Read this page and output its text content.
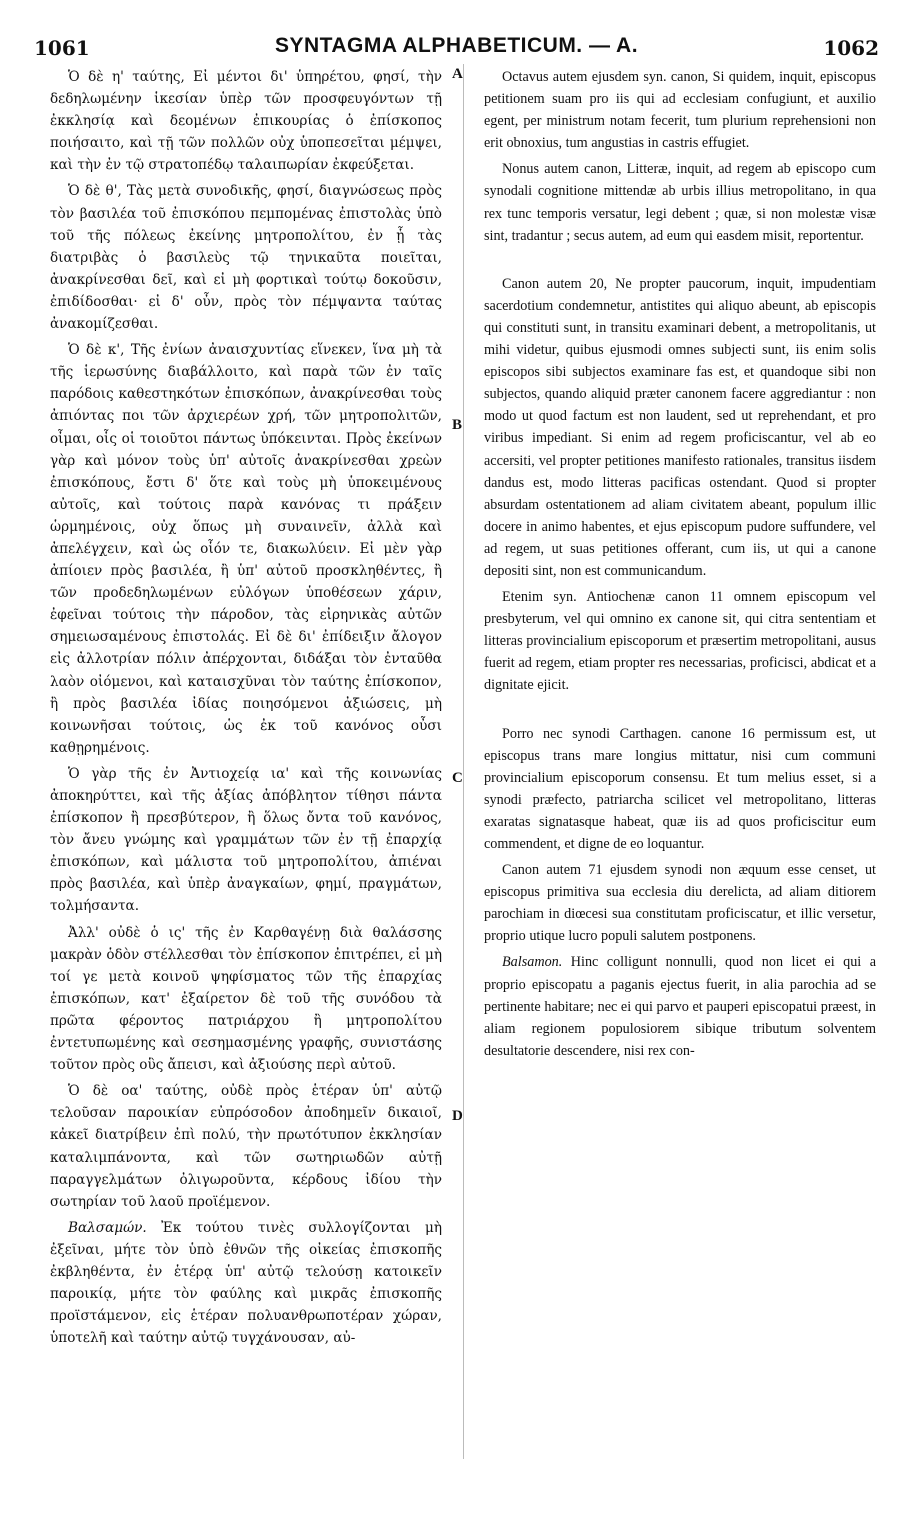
1061	SYNTAGMA ALPHABETICUM. — A.	1062
A
B
C
D

Ὁ δὲ η' ταύτης, Εἰ μέντοι δι' ὑπηρέτου, φησί, τὴν δεδηλωμένην ἱκεσίαν ὑπὲρ τῶν προσφευγόντων τῇ ἐκκλησίᾳ καὶ δεομένων ἐπικουρίας ὁ ἐπίσκοπος ποιήσαιτο, καὶ τῇ τῶν πολλῶν οὐχ ὑποπεσεῖται μέμψει, καὶ τὴν ἐν τῷ στρατοπέδῳ ταλαιπωρίαν ἐκφεύξεται.

Ὁ δὲ θ', Τὰς μετὰ συνοδικῆς, φησί, διαγνώσεως πρὸς τὸν βασιλέα τοῦ ἐπισκόπου πεμπομένας ἐπιστολὰς ὑπὸ τοῦ τῆς πόλεως ἐκείνης μητροπολίτου, ἐν ᾗ τὰς διατριβὰς ὁ βασιλεὺς τῷ τηνικαῦτα ποιεῖται, ἀνακρίνεσθαι δεῖ, καὶ εἰ μὴ φορτικαὶ τούτῳ δοκοῦσιν, ἐπιδίδοσθαι· εἰ δ' οὖν, πρὸς τὸν πέμψαντα ταύτας ἀνακομίζεσθαι.

Ὁ δὲ κ', Τῆς ἐνίων ἀναισχυντίας εἵνεκεν, ἵνα μὴ τὰ τῆς ἱερωσύνης διαβάλλοιτο, καὶ παρὰ τῶν ἐν ταῖς παρόδοις καθεστηκότων ἐπισκόπων, ἀνακρίνεσθαι τοὺς ἀπιόντας ποι τῶν ἀρχιερέων χρή, τῶν μητροπολιτῶν, οἶμαι, οἷς οἱ τοιοῦτοι πάντως ὑπόκεινται. Πρὸς ἐκείνων γὰρ καὶ μόνον τοὺς ὑπ' αὐτοῖς ἀνακρίνεσθαι χρεὼν ἐπισκόπους, ἔστι δ' ὅτε καὶ τοὺς μὴ ὑποκειμένους αὐτοῖς, καὶ τούτοις παρὰ κανόνας τι πράξειν ὡρμημένοις, οὐχ ὅπως μὴ συναινεῖν, ἀλλὰ καὶ ἀπελέγχειν, καὶ ὡς οἷόν τε, διακωλύειν. Εἰ μὲν γὰρ ἀπίοιεν πρὸς βασιλέα, ἢ ὑπ' αὐτοῦ προσκληθέντες, ἢ τῶν προδεδηλωμένων εὐλόγων ὑποθέσεων χάριν, ἐφεῖναι τούτοις τὴν πάροδον, τὰς εἰρηνικὰς αὐτῶν σημειωσαμένους ἐπιστολάς. Εἰ δὲ δι' ἐπίδειξιν ἄλογον εἰς ἀλλοτρίαν πόλιν ἀπέρχονται, διδάξαι τὸν ἐνταῦθα λαὸν οἰόμενοι, καὶ καταισχῦναι τὸν ταύτης ἐπίσκοπον, ἢ πρὸς βασιλέα ἰδίας ποιησόμενοι ἀξιώσεις, μὴ κοινωνῆσαι τούτοις, ὡς ἐκ τοῦ κανόνος οὖσι καθῃρημένοις.

Ὁ γὰρ τῆς ἐν Ἀντιοχείᾳ ια' καὶ τῆς κοινωνίας ἀποκηρύττει, καὶ τῆς ἀξίας ἀπόβλητον τίθησι πάντα ἐπίσκοπον ἢ πρεσβύτερον, ἢ ὅλως ὄντα τοῦ κανόνος, τὸν ἄνευ γνώμης καὶ γραμμάτων τῶν ἐν τῇ ἐπαρχίᾳ ἐπισκόπων, καὶ μάλιστα τοῦ μητροπολίτου, ἀπιέναι πρὸς βασιλέα, καὶ ὑπὲρ ἀναγκαίων, φημί, πραγμάτων, τολμήσαντα.

Ἀλλ' οὐδὲ ὁ ις' τῆς ἐν Καρθαγένῃ διὰ θαλάσσης μακρὰν ὁδὸν στέλλεσθαι τὸν ἐπίσκοπον ἐπιτρέπει, εἰ μὴ τοί γε μετὰ κοινοῦ ψηφίσματος τῶν τῆς ἐπαρχίας ἐπισκόπων, κατ' ἐξαίρετον δὲ τοῦ τῆς συνόδου τὰ πρῶτα φέροντος πατριάρχου ἢ μητροπολίτου ἐντετυπωμένης καὶ σεσημασμένης γραφῆς, συνιστάσης τοῦτον πρὸς οὓς ἄπεισι, καὶ ἀξιούσης περὶ αὐτοῦ.

Ὁ δὲ οα' ταύτης, οὐδὲ πρὸς ἑτέραν ὑπ' αὐτῷ τελοῦσαν παροικίαν εὐπρόσοδον ἀποδημεῖν δικαιοῖ, κἀκεῖ διατρίβειν ἐπὶ πολύ, τὴν πρωτότυπον ἐκκλησίαν καταλιμπάνοντα, καὶ τῶν σωτηριωδῶν αὐτῇ παραγγελμάτων ὀλιγωροῦντα, κέρδους ἰδίου τὴν σωτηρίαν τοῦ λαοῦ προϊέμενον.

Βαλσαμών. Ἐκ τούτου τινὲς συλλογίζονται μὴ ἐξεῖναι, μήτε τὸν ὑπὸ ἐθνῶν τῆς οἰκείας ἐπισκοπῆς ἐκβληθέντα, ἐν ἑτέρᾳ ὑπ' αὐτῷ τελούσῃ κατοικεῖν παροικίᾳ, μήτε τὸν φαύλης καὶ μικρᾶς ἐπισκοπῆς προϊστάμενον, εἰς ἑτέραν πολυανθρωποτέραν χώραν, ὑποτελῆ καὶ ταύτην αὐτῷ τυγχάνουσαν, αὐ-

Octavus autem ejusdem syn. canon, Si quidem, inquit, episcopus petitionem suam pro iis qui ad ecclesiam confugiunt, et auxilio egent, per ministrum notam fecerit, tum plurium reprehensioni non erit obnoxius, tum angustias in castris effugiet.

Nonus autem canon, Litteræ, inquit, ad regem ab episcopo cum synodali cognitione mittendæ ab urbis illius metropolitano, in qua rex tunc temporis versatur, legi debent ; quæ, si non molestæ visæ sint, tradantur ; secus autem, ad eum qui easdem misit, reportentur.

Canon autem 20, Ne propter paucorum, inquit, impudentiam sacerdotium condemnetur, antistites qui aliquo abeunt, ab episcopis qui constituti sunt, in transitu examinari debent, a metropolitanis, ut mihi videtur, quibus ejusmodi omnes subjecti sunt, iis enim solis episcopos sibi subjectos examinare fas est, et quandoque sibi non subjectos, quando aliquid præter canonem facere aggrediantur : non modo ut quod factum est non laudent, sed ut reprehendant, et pro viribus impediant. Si enim ad regem proficiscantur, vel ab eo accersiti, vel propter petitiones manifesto rationales, transitus iisdem dandus est, modo litteras pacificas ostendant. Quod si propter absurdam ostentationem ad aliam civitatem abeant, populum illic docere in animo habentes, et ejus episcopum pudore suffundere, vel ad regem, ut suas petitiones offerant, cum iis, ut qui a canone depositi sint, non est communicandum.

Etenim syn. Antiochenæ canon 11 omnem episcopum vel presbyterum, vel qui omnino ex canone sit, qui citra sententiam et litteras provincialium episcoporum et præsertim metropolitani, ausus fuerit ad regem, etiam propter res necessarias, proficisci, abdicat et a dignitate ejicit.

Porro nec synodi Carthagen. canone 16 permissum est, ut episcopus trans mare longius mittatur, nisi cum communi provincialium episcoporum consensu. Et tum melius esset, si a synodi præfecto, patriarcha scilicet vel metropolitano, litteras exaratas signatasque habeat, quæ iis ad quos proficiscitur eum commendent, et digne de eo loquantur.

Canon autem 71 ejusdem synodi non æquum esse censet, ut episcopus primitiva sua ecclesia diu derelicta, ad aliam ditiorem parochiam in diœcesi sua constitutam proficiscatur, et illic versetur, proprio utique lucro populi salutem postponens.

Balsamon. Hinc colligunt nonnulli, quod non licet ei qui a proprio episcopatu a paganis ejectus fuerit, in alia parochia ad se pertinente habitare; nec ei qui parvo et pauperi episcopatui præest, in aliam regionem populosiorem sibique tributum solventem desultatorie descendere, nisi rex con-
